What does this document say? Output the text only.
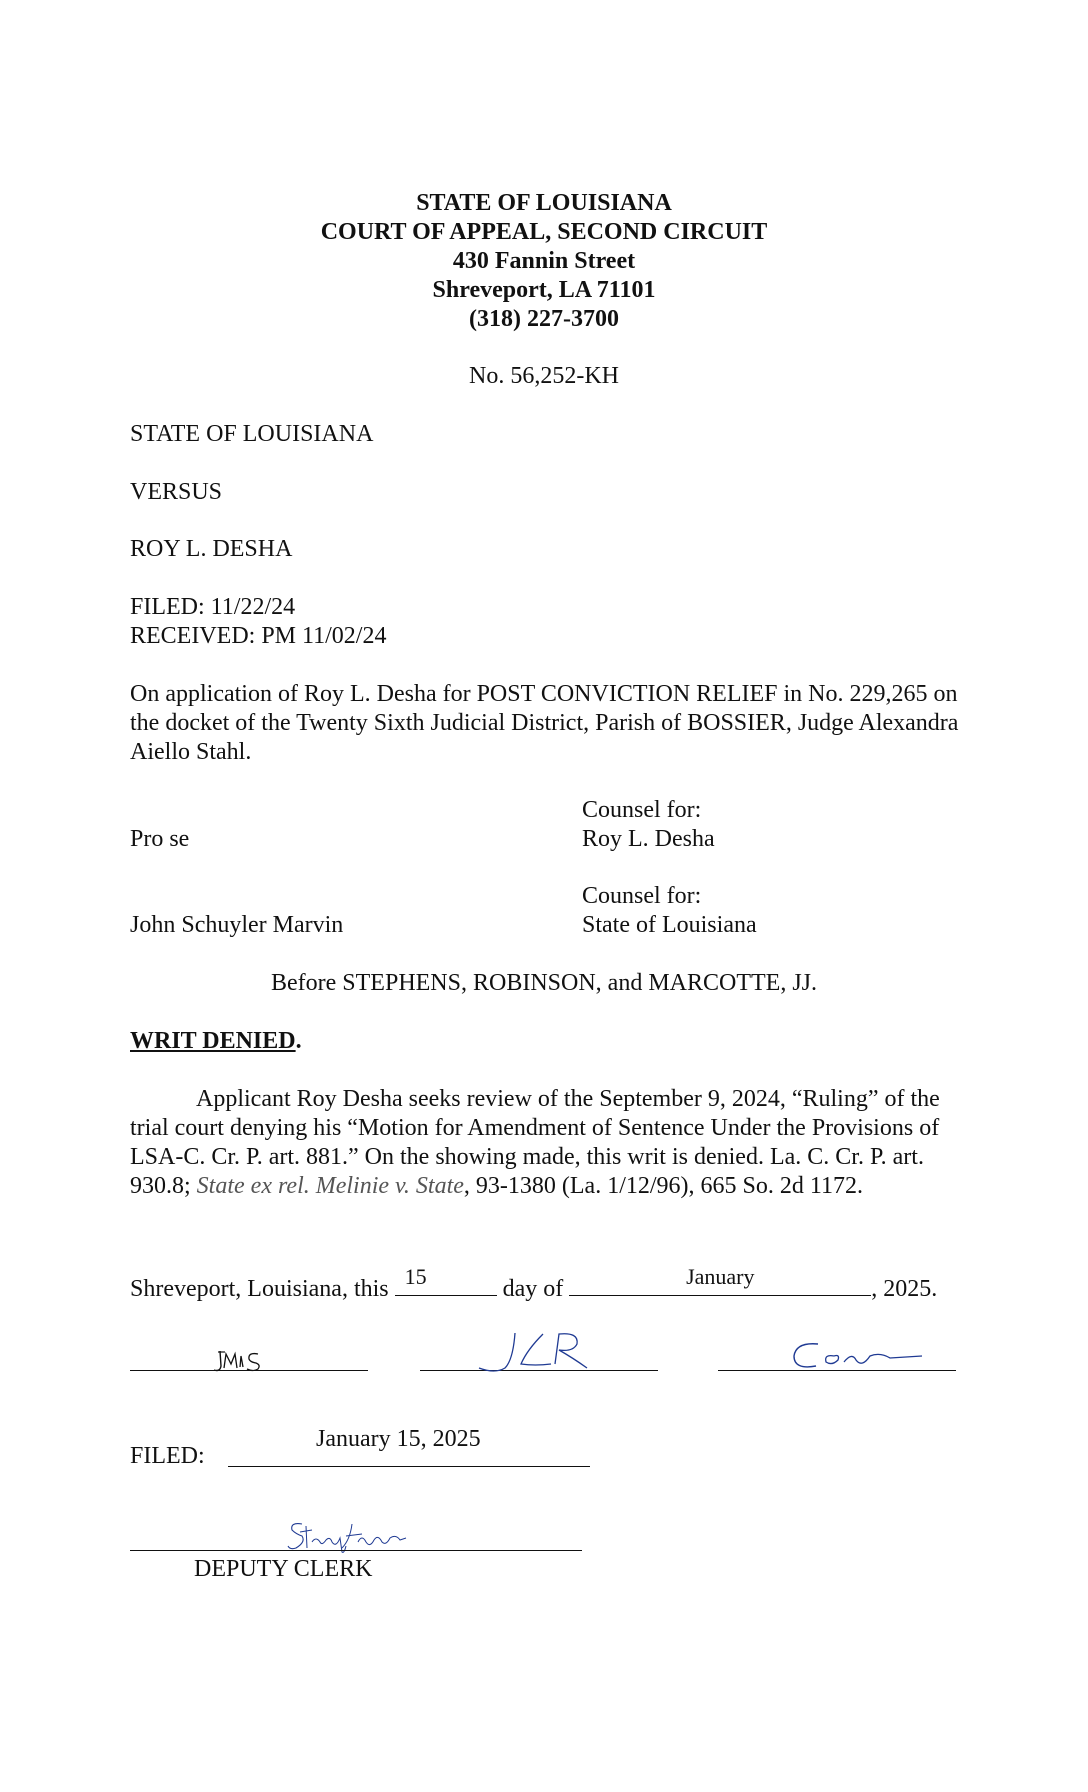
STATE OF LOUISIANA
COURT OF APPEAL, SECOND CIRCUIT
430 Fannin Street
Shreveport, LA 71101
(318) 227-3700
No. 56,252-KH
STATE OF LOUISIANA
VERSUS
ROY L. DESHA
FILED: 11/22/24
RECEIVED: PM 11/02/24
On application of Roy L. Desha for POST CONVICTION RELIEF in No. 229,265 on the docket of the Twenty Sixth Judicial District, Parish of BOSSIER, Judge Alexandra Aiello Stahl.
Counsel for:
Pro se	Roy L. Desha
Counsel for:
John Schuyler Marvin	State of Louisiana
Before STEPHENS, ROBINSON, and MARCOTTE, JJ.
WRIT DENIED.
Applicant Roy Desha seeks review of the September 9, 2024, “Ruling” of the trial court denying his “Motion for Amendment of Sentence Under the Provisions of LSA-C. Cr. P. art. 881.” On the showing made, this writ is denied. La. C. Cr. P. art. 930.8; State ex rel. Melinie v. State, 93-1380 (La. 1/12/96), 665 So. 2d 1172.
Shreveport, Louisiana, this 15	day of	January	, 2025.
FILED:
January 15, 2025
DEPUTY CLERK
